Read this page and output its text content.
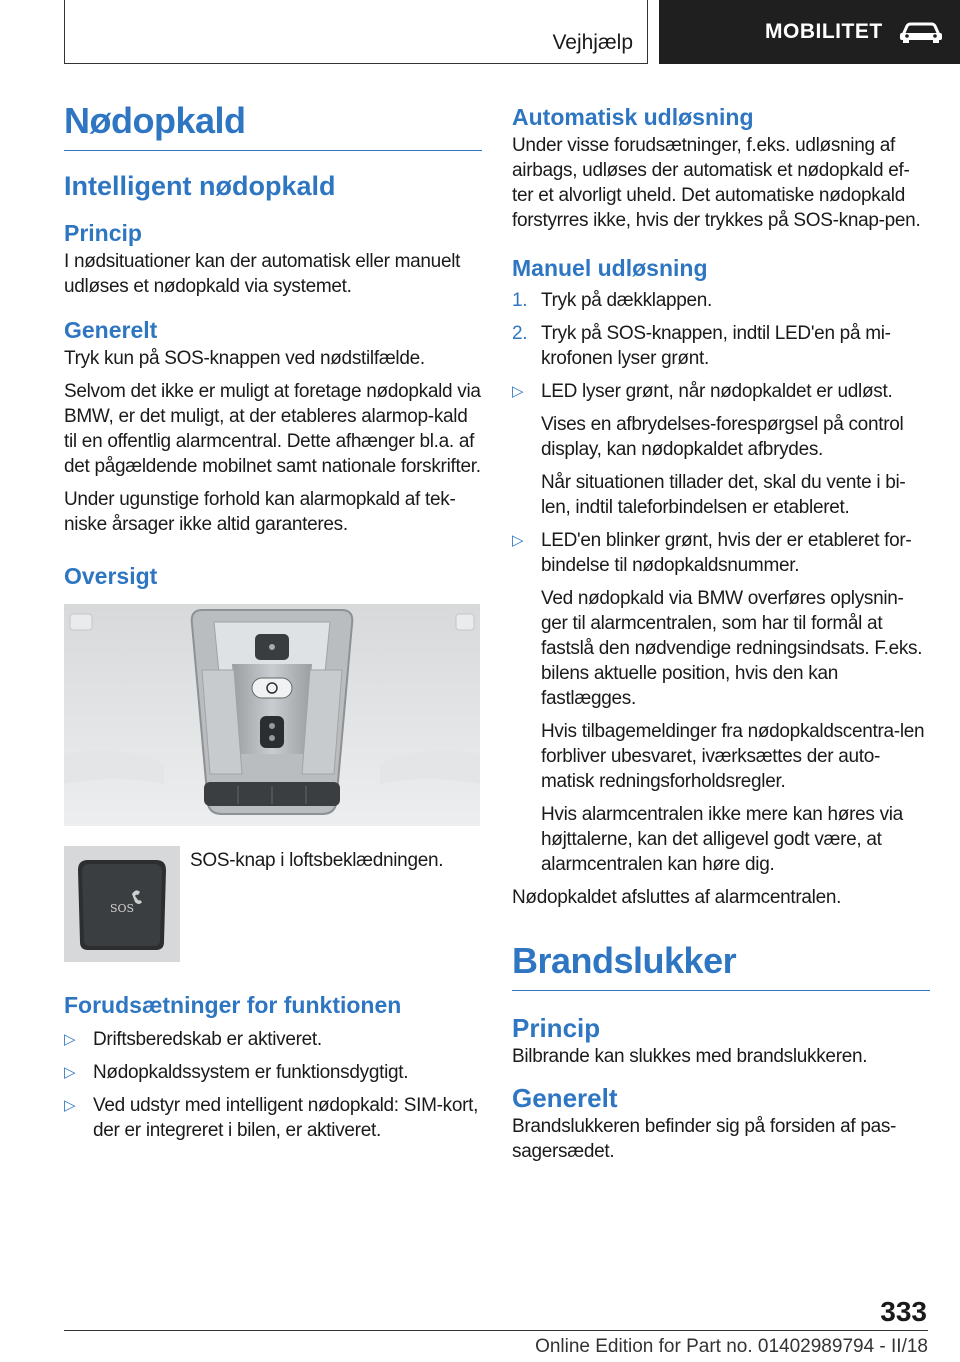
Vejhjælp	MOBILITET
Nødopkald
Intelligent nødopkald
Princip

I nødsituationer kan der automatisk eller manuelt udløses et nødopkald via systemet.

Generelt

Tryk kun på SOS-knappen ved nødstilfælde.

Selvom det ikke er muligt at foretage nødopkald via BMW, er det muligt, at der etableres alarmop-kald til en offentlig alarmcentral. Dette afhænger bl.a. af det pågældende mobilnet samt nationale forskrifter.

Under ugunstige forhold kan alarmopkald af tek-niske årsager ikke altid garanteres.

Oversigt
SOS
SOS-knap i loftsbeklædningen.
Forudsætninger for funktionen
▷ Driftsberedskab er aktiveret.
▷ Nødopkaldssystem er funktionsdygtigt.
▷ Ved udstyr med intelligent nødopkald: SIM-kort, der er integreret i bilen, er aktiveret.
Automatisk udløsning

Under visse forudsætninger, f.eks. udløsning af airbags, udløses der automatisk et nødopkald ef-ter et alvorligt uheld. Det automatiske nødopkald forstyrres ikke, hvis der trykkes på SOS-knap-pen.

Manuel udløsning
1. Tryk på dækklappen.
2. Tryk på SOS-knappen, indtil LED'en på mi-krofonen lyser grønt.
▷ LED lyser grønt, når nødopkaldet er udløst.

Vises en afbrydelses-forespørgsel på control display, kan nødopkaldet afbrydes.

Når situationen tillader det, skal du vente i bi-len, indtil taleforbindelsen er etableret.

▷ LED'en blinker grønt, hvis der er etableret for-bindelse til nødopkaldsnummer.

Ved nødopkald via BMW overføres oplysnin-ger til alarmcentralen, som har til formål at fastslå den nødvendige redningsindsats. F.eks. bilens aktuelle position, hvis den kan fastlægges.

Hvis tilbagemeldinger fra nødopkaldscentra-len forbliver ubesvaret, iværksættes der auto-matisk redningsforholdsregler.

Hvis alarmcentralen ikke mere kan høres via højttalerne, kan det alligevel godt være, at alarmcentralen kan høre dig.

Nødopkaldet afsluttes af alarmcentralen.

Brandslukker
Princip

Bilbrande kan slukkes med brandslukkeren.

Generelt

Brandslukkeren befinder sig på forsiden af pas-sagersædet.

333
Online Edition for Part no. 01402989794 - II/18
